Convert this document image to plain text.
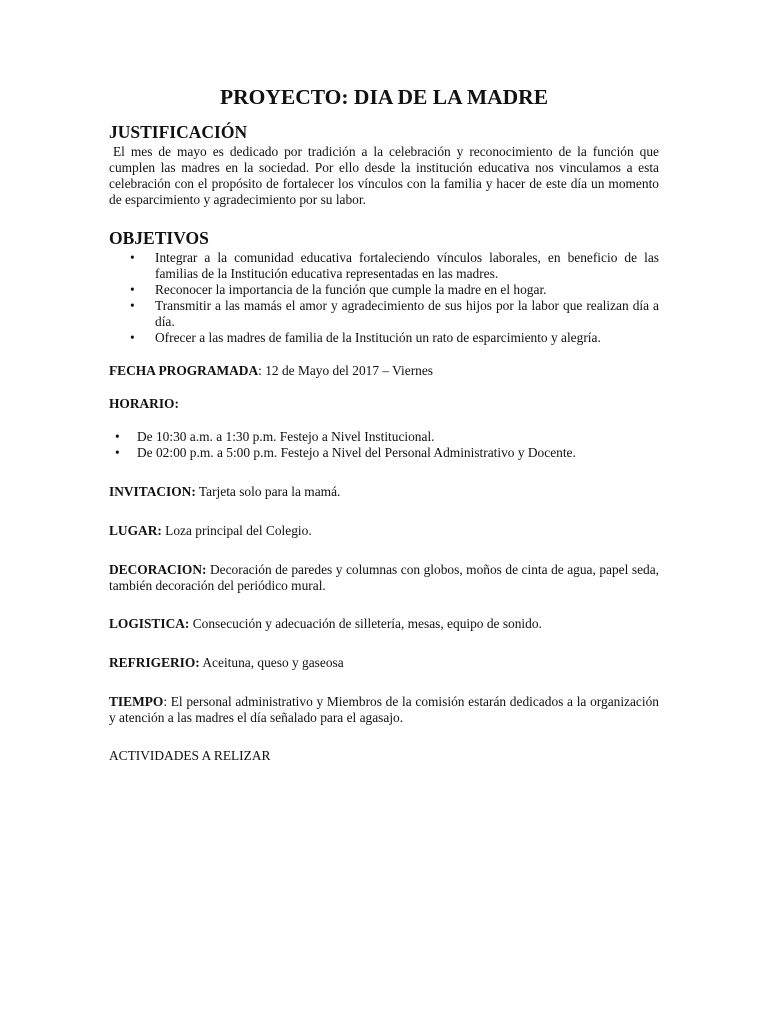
PROYECTO: DIA DE LA MADRE
JUSTIFICACIÓN

El mes de mayo es dedicado por tradición a la celebración y reconocimiento de la función que cumplen las madres en la sociedad. Por ello desde la institución educativa nos vinculamos a esta celebración con el propósito de fortalecer los vínculos con la familia y hacer de este día un momento de esparcimiento y agradecimiento por su labor.

OBJETIVOS
• Integrar a la comunidad educativa fortaleciendo vínculos laborales, en beneficio de las familias de la Institución educativa representadas en las madres.
• Reconocer la importancia de la función que cumple la madre en el hogar.
• Transmitir a las mamás el amor y agradecimiento de sus hijos por la labor que realizan día a día.
• Ofrecer a las madres de familia de la Institución un rato de esparcimiento y alegría.

FECHA PROGRAMADA: 12 de Mayo del 2017 – Viernes

HORARIO:

• De 10:30 a.m. a 1:30 p.m. Festejo a Nivel Institucional.
• De 02:00 p.m. a 5:00 p.m. Festejo a Nivel del Personal Administrativo y Docente.

INVITACION: Tarjeta solo para la mamá.

LUGAR: Loza principal del Colegio.

DECORACION: Decoración de paredes y columnas con globos, moños de cinta de agua, papel seda, también decoración del periódico mural.

LOGISTICA: Consecución y adecuación de silletería, mesas, equipo de sonido.

REFRIGERIO: Aceituna, queso y gaseosa

TIEMPO: El personal administrativo y Miembros de la comisión estarán dedicados a la organización y atención a las madres el día señalado para el agasajo.

ACTIVIDADES A RELIZAR
